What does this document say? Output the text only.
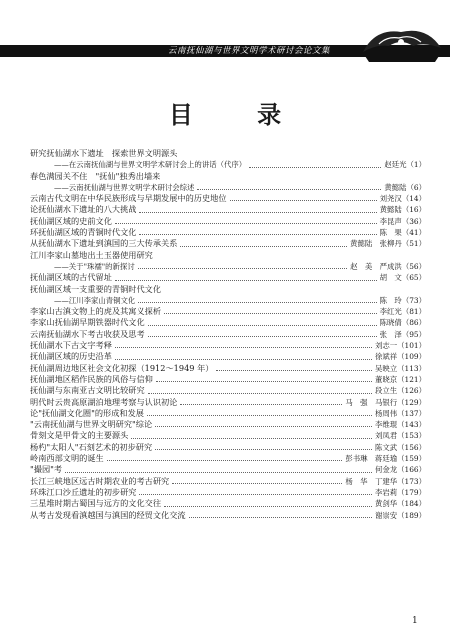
云南抚仙湖与世界文明学术研讨会论文集
目 录
研究抚仙湖水下遗址　探索世界文明源头
——在云南抚仙湖与世界文明学术研讨会上的讲话（代序）	赵廷光（1）
春色满园关不住　"抚仙"独秀出墙来
——云南抚仙湖与世界文明学术研讨会综述	黄懿陆（6）
云南古代文明在中华民族形成与早期发展中的历史地位	刘尧汉（14）
论抚仙湖水下遗址的八大挑战	黄懿陆（16）
抚仙湖区域的史前文化	李昆声（36）
环抚仙湖区域的青铜时代文化	陈　果（41）
从抚仙湖水下遗址到滇国的三大传承关系	黄懿陆　张柳丹（51）
江川李家山墓地出土玉器使用研究
——关于"珠襦"的新探讨	赵　美　严成洪（56）
抚仙湖区域的古代留址	胡　文（65）
抚仙湖区域一支重要的青铜时代文化
——江川李家山青铜文化	陈　玲（73）
李家山古滇文物上的虎及其寓义探析	李红光（81）
李家山抚仙湖早期铁器时代文化	陈晓倩（86）
云南抚仙湖水下考古收获及思考	张　泽（95）
抚仙湖水下古文字考释	刘志一（101）
抚仙湖区域的历史沿革	徐斌祥（109）
抚仙湖周边地区社会文化初探（1912～1949 年）	吴映立（113）
抚仙湖地区稻作民族的风俗与信仰	董晓京（121）
抚仙湖与东南亚古文明比较研究	段立生（126）
明代时云贵高原湖泊地理考察与认识初论	马　强　马银行（129）
论"抚仙湖文化圈"的形成和发展	杨周伟（137）
"云南抚仙湖与世界文明研究"综论	李维琨（143）
骨刻文是甲骨文的主要源头	刘凤君（153）
杨杓"太阳人"石刻艺术的初步研究	陈文武（156）
岭南西部文明的诞生	彭书琳　蒋廷瑜（159）
"撮园"考	何金龙（166）
长江三峡地区远古时期农业的考古研究	杨　华　丁建华（173）
环珠江口沙丘遗址的初步研究	李岩莉（179）
三星堆时期古蜀国与远方的文化交往	黄剑华（184）
从考古发现看滇越国与滇国的经贸文化交流	谢崇安（189）
1
